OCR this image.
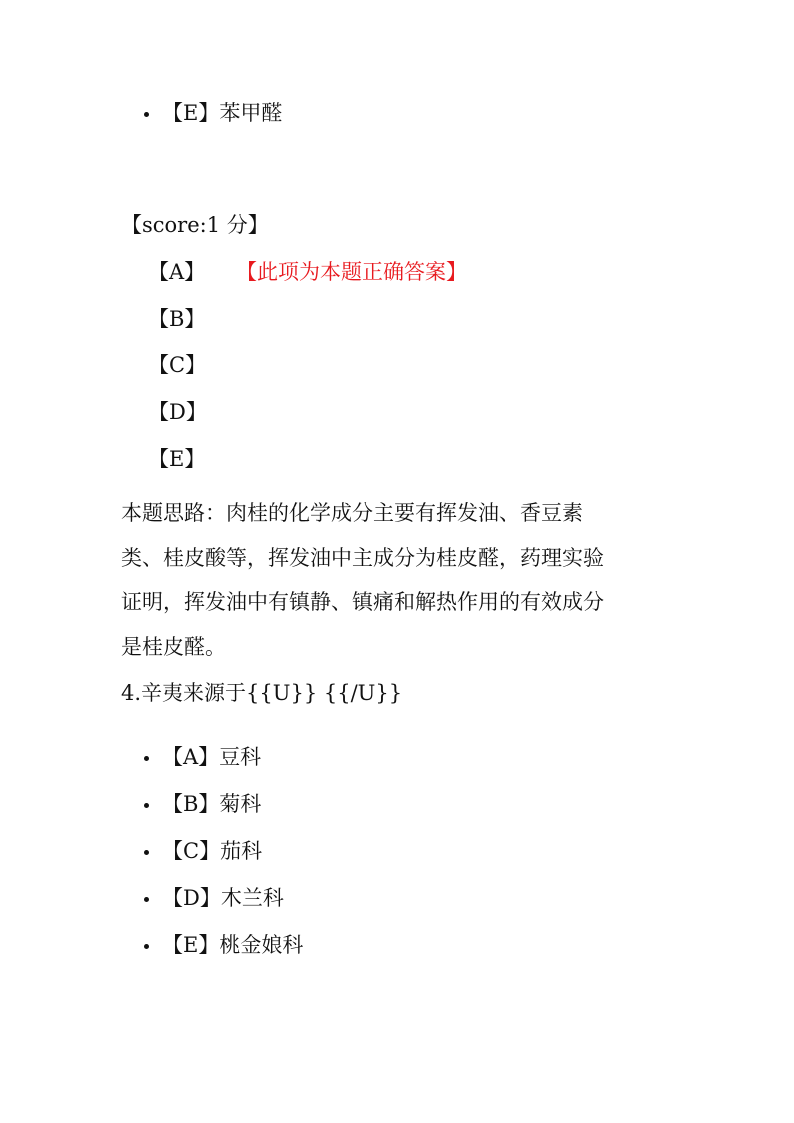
【E】苯甲醛
【score:1 分】
【A】 【此项为本题正确答案】
【B】
【C】
【D】
【E】
本题思路：肉桂的化学成分主要有挥发油、香豆素
类、桂皮酸等，挥发油中主成分为桂皮醛，药理实验
证明，挥发油中有镇静、镇痛和解热作用的有效成分
是桂皮醛。
4.辛夷来源于{{U}} {{/U}}
【A】豆科
【B】菊科
【C】茄科
【D】木兰科
【E】桃金娘科
